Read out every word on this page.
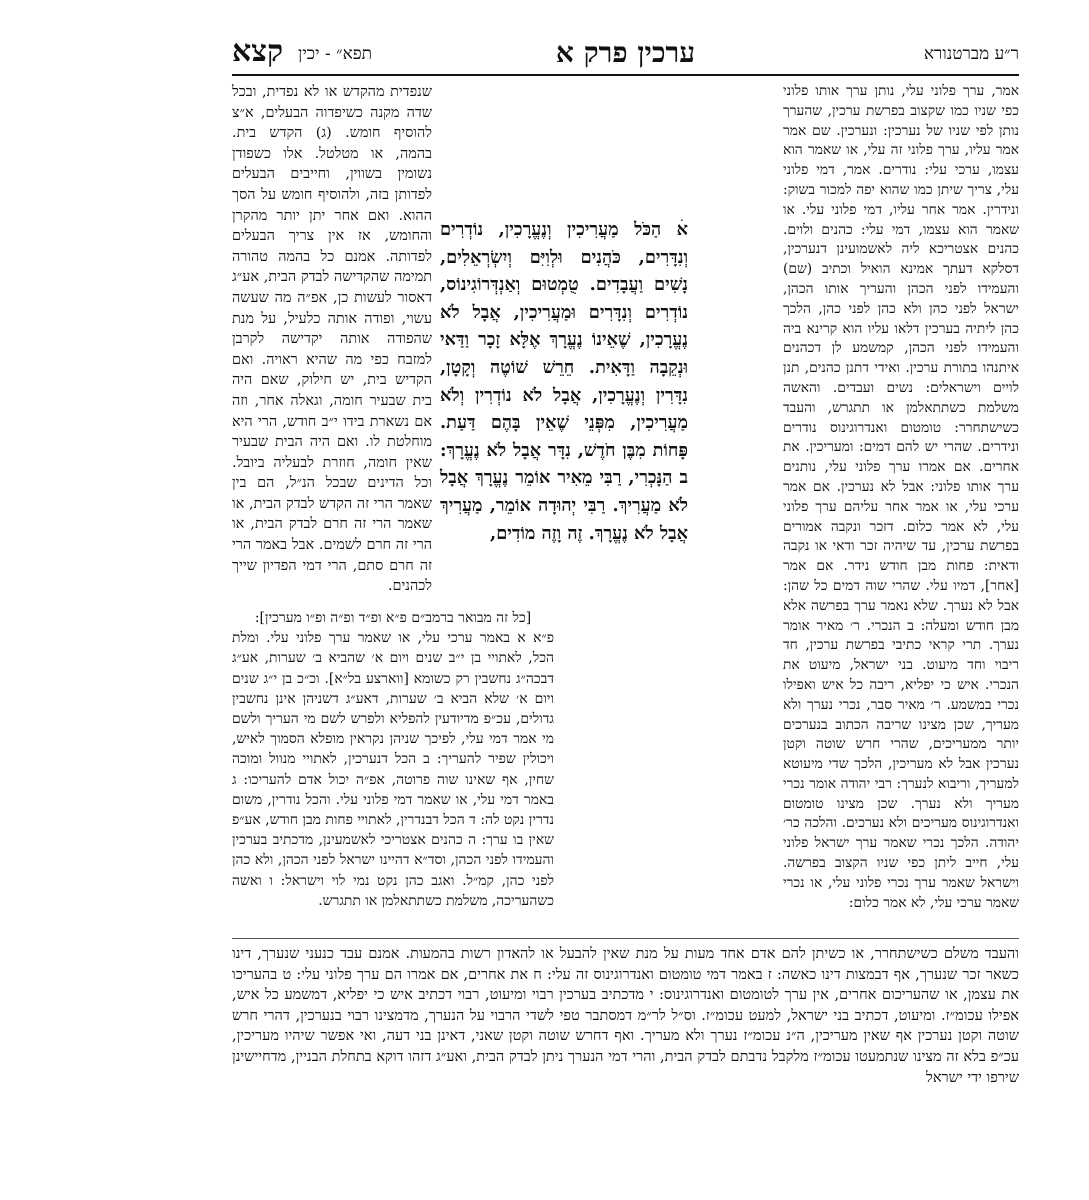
ר״ע מברטנורא
ערכין פרק א
תפא״ - יכין
קצא

אמר, ערך פלוני עלי, נותן ערך אותו פלוני כפי שניו כמו שקצוב בפרשת ערכין, שהערך נותן לפי שניו של נערכין: ונערכין. שם אמר אמר עליו, ערך פלוני זה עלי, או שאמר הוא עצמו, ערכי עלי: נודרים. אמר, דמי פלוני עלי, צריך שיתן כמו שהוא יפה למכור בשוק: ונידרין. אמר אחר עליו, דמי פלוני עלי. או שאמר הוא עצמו, דמי עלי: כהנים ולוים. כהנים אצטריכא ליה לאשמועינן דנערכין, דסלקא דעתך אמינא הואיל וכתיב (שם) והעמידו לפני הכהן והעריך אותו הכהן, ישראל לפני כהן ולא כהן לפני כהן, הלכך כהן ליתיה בערכין דלאו עליו הוא קרינא ביה והעמידו לפני הכהן, קמשמע לן דכהנים איתנהו בתורת ערכין. ואידי דתנן כהנים, תנן לויים וישראלים: נשים ועבדים. והאשה משלמת כשתתאלמן או תתגרש, והעבד כשישתחרר: טומטום ואנדרוגינוס נודרים ונידרים. שהרי יש להם דמים: ומעריכין. את אחרים. אם אמרו ערך פלוני עלי, נותנים ערך אותו פלוני: אבל לא נערכין. אם אמר ערכי עלי, או אמר אחר עליהם ערך פלוני עלי, לא אמר כלום. דזכר ונקבה אמורים בפרשת ערכין, עד שיהיה זכר ודאי או נקבה ודאית: פחות מבן חודש נידר. אם אמר [אחר], דמיו עלי. שהרי שוה דמים כל שהן: אבל לא נערך. שלא נאמר ערך בפרשה אלא מבן חודש ומעלה: ב הנכרי. ר׳ מאיר אומר נערך. תרי קראי כתיבי בפרשת ערכין, חד ריבוי וחד מיעוט. בני ישראל, מיעוט את הנכרי. איש כי יפליא, ריבה כל איש ואפילו נכרי במשמע. ר׳ מאיר סבר, נכרי נערך ולא מעריך, שכן מצינו שריבה הכתוב בנערכים יותר ממעריכים, שהרי חרש שוטה וקטן נערכין אבל לא מעריכין, הלכך שדי מיעוטא למעריך, וריבוא לנערך: רבי יהודה אומר נכרי מעריך ולא נערך. שכן מצינו טומטום ואנדרוגינוס מעריכים ולא נערכים. והלכה כר׳ יהודה. הלכך נכרי שאמר ערך ישראל פלוני עלי, חייב ליתן כפי שניו הקצוב בפרשה. וישראל שאמר ערך נכרי פלוני עלי, או נכרי שאמר ערכי עלי, לא אמר כלום:

אׄ הַכֹּל מַעֲרִיכִין וְנֶעֱרָכִין, נוֹדְרִים וְנִדָּרִים, כֹּהֲנִים וּלְוִיִּם וְיִשְׂרְאֵלִים, נָשִׁים וַעֲבָדִים. טֻמְטוּם וְאַנְדְּרוֹגִינוֹס, נוֹדְרִים וְנִדָּרִים וּמַעֲרִיכִין, אֲבָל לֹא נֶעֱרָכִין, שֶׁאֵינוֹ נֶעֱרָךְ אֶלָּא זָכָר וַדַּאי וּנְקֵבָה וַדָּאִית. חֵרֵשׁ שׁוֹטֶה וְקָטָן, נִדָּרִין וְנֶעֱרָכִין, אֲבָל לֹא נוֹדְרִין וְלֹא מַעֲרִיכִין, מִפְּנֵי שֶׁאֵין בָּהֶם דַּעַת. פָּחוֹת מִבֶּן חֹדֶשׁ, נִדָּר אֲבָל לֹא נֶעֱרָךְ: ב הַנָּכְרִי, רַבִּי מֵאִיר אוֹמֵר נֶעֱרָךְ אֲבָל לֹא מַעֲרִיךְ. רַבִּי יְהוּדָה אוֹמֵר, מַעֲרִיךְ אֲבָל לֹא נֶעֱרָךְ. זֶה וָזֶה מוֹדִים,

שנפדית מהקדש או לא נפדית, ובכל שדה מקנה כשיפדוה הבעלים, א״צ להוסיף חומש. (ג) הקדש בית. בהמה, או מטלטל. אלו כשפודן נשומין בשווין, וחייבים הבעלים לפדותן בזה, ולהוסיף חומש על הסך ההוא. ואם אחר יתן יותר מהקרן והחומש, אז אין צריך הבעלים לפדותה. אמנם כל בהמה טהורה תמימה שהקדישה לבדק הבית, אע״ג דאסור לעשות כן, אפ״ה מה שעשה עשוי, ופודה אותה כלעיל, על מנת שהפודה אותה יקדישה לקרבן למזבח כפי מה שהיא ראויה. ואם הקדיש בית, יש חילוק, שאם היה בית שבעיר חומה, וגאלה אחר, וזה אם נשארת בידו י״ב חודש, הרי היא מוחלטת לו. ואם היה הבית שבעיר שאין חומה, חוזרת לבעליה ביובל. וכל הדינים שבכל הנ״ל, הם בין שאמר הרי זה הקדש לבדק הבית, או שאמר הרי זה חרם לבדק הבית, או הרי זה חרם לשמים. אבל באמר הרי זה חרם סתם, הרי דמי הפדיון שייך לכהנים.

[כל זה מבואר ברמב״ם פ״א ופ״ד ופ״ה ופ״ו מערכין]:

פ״א א באמר ערכי עלי, או שאמר ערך פלוני עלי. ומלת הכל, לאתויי בן י״ב שנים ויום א׳ שהביא ב׳ שערות, אע״ג דבכה״ג נחשבין רק כשומא [ווארצע בל״א]. וכ״כ בן י״ג שנים ויום א׳ שלא הביא ב׳ שערות, דאע״ג דשניהן אינן נחשבין גדולים, עכ״פ מדיודעין להפליא ולפרש לשם מי העריך ולשם מי אמר דמי עלי, לפיכך שניהן נקראין מופלא הסמוך לאיש, ויכולין שפיר להעריך: ב הכל דנערכין, לאתויי מנוול ומוכה שחין, אף שאינו שוה פרוטה, אפ״ה יכול אדם להעריכו: ג באמר דמי עלי, או שאמר דמי פלוני עלי. והכל נודרין, משום נדרין נקט לה: ד הכל דבנדרין, לאתויי פחות מבן חודש, אע״פ שאין בו ערך: ה כהנים אצטריכי לאשמעינן, מדכתיב בערכין והעמידו לפני הכהן, וסד״א דהיינו ישראל לפני הכהן, ולא כהן לפני כהן, קמ״ל. ואגב כהן נקט נמי לוי וישראל: ו ואשה כשהעריכה, משלמת כשתתאלמן או תתגרש.

והעבד משלם כשישתחרר, או כשיתן להם אדם אחד מעות על מנת שאין להבעל או להאדון רשות בהמעות. אמנם עבד כנעני שנערך, דינו כשאר זכר שנערך, אף דבמצות דינו כאשה: ז באמר דמי טומטום ואנדרוגינוס זה עלי: ח את אחרים, אם אמרו הם ערך פלוני עלי: ט בהעריכו את עצמן, או שהעריכום אחרים, אין ערך לטומטום ואנדרוגינוס: י מדכתיב בערכין רבוי ומיעוט, רבוי דכתיב איש כי יפליא, דמשמע כל איש, אפילו עכומ״ז. ומיעוט, דכתיב בני ישראל, למעט עכומ״ז. וס״ל לר״מ דמסתבר טפי לשדי הרבוי על הנערך, מדמצינו רבוי בנערכין, דהרי חרש שוטה וקטן נערכין אף שאין מעריכין, ה״נ עכומ״ז נערך ולא מעריך. ואף דחרש שוטה וקטן שאני, דאינן בני דעה, ואי אפשר שיהיו מעריכין, עכ״פ בלא זה מצינו שנתמעטו עכומ״ז מלקבל נדבתם לבדק הבית, והרי דמי הנערך ניתן לבדק הבית, ואע״ג דזהו דוקא בתחלת הבניין, מדחיישינן שירפו ידי ישראל
